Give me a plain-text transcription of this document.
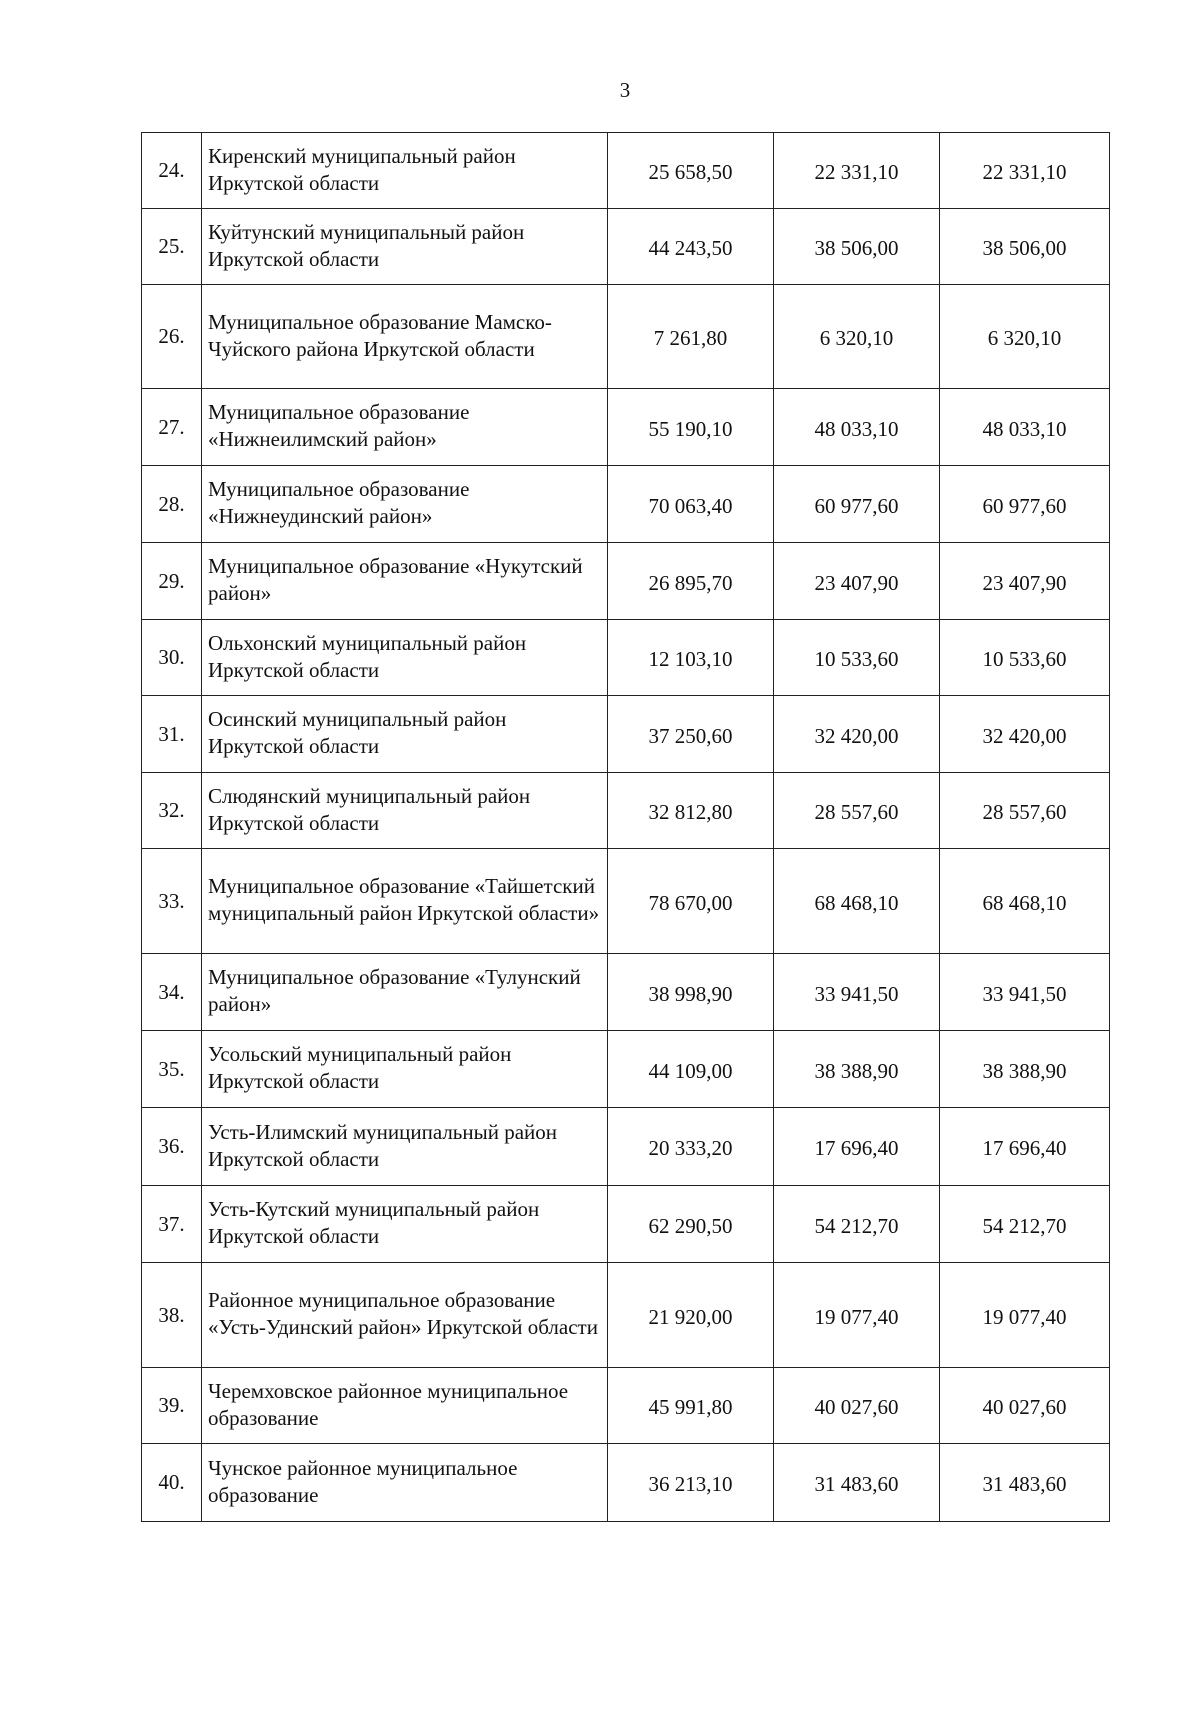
3
24.	Киренский муниципальный район Иркутской области	25 658,50	22 331,10	22 331,10
25.	Куйтунский муниципальный район Иркутской области	44 243,50	38 506,00	38 506,00
26.	Муниципальное образование Мамско-Чуйского района Иркутской области	7 261,80	6 320,10	6 320,10
27.	Муниципальное образование «Нижнеилимский район»	55 190,10	48 033,10	48 033,10
28.	Муниципальное образование «Нижнеудинский район»	70 063,40	60 977,60	60 977,60
29.	Муниципальное образование «Нукутский район»	26 895,70	23 407,90	23 407,90
30.	Ольхонский муниципальный район Иркутской области	12 103,10	10 533,60	10 533,60
31.	Осинский муниципальный район Иркутской области	37 250,60	32 420,00	32 420,00
32.	Слюдянский муниципальный район Иркутской области	32 812,80	28 557,60	28 557,60
33.	Муниципальное образование «Тайшетский муниципальный район Иркутской области»	78 670,00	68 468,10	68 468,10
34.	Муниципальное образование «Тулунский район»	38 998,90	33 941,50	33 941,50
35.	Усольский муниципальный район Иркутской области	44 109,00	38 388,90	38 388,90
36.	Усть-Илимский муниципальный район Иркутской области	20 333,20	17 696,40	17 696,40
37.	Усть-Кутский муниципальный район Иркутской области	62 290,50	54 212,70	54 212,70
38.	Районное муниципальное образование «Усть-Удинский район» Иркутской области	21 920,00	19 077,40	19 077,40
39.	Черемховское районное муниципальное образование	45 991,80	40 027,60	40 027,60
40.	Чунское районное муниципальное образование	36 213,10	31 483,60	31 483,60
